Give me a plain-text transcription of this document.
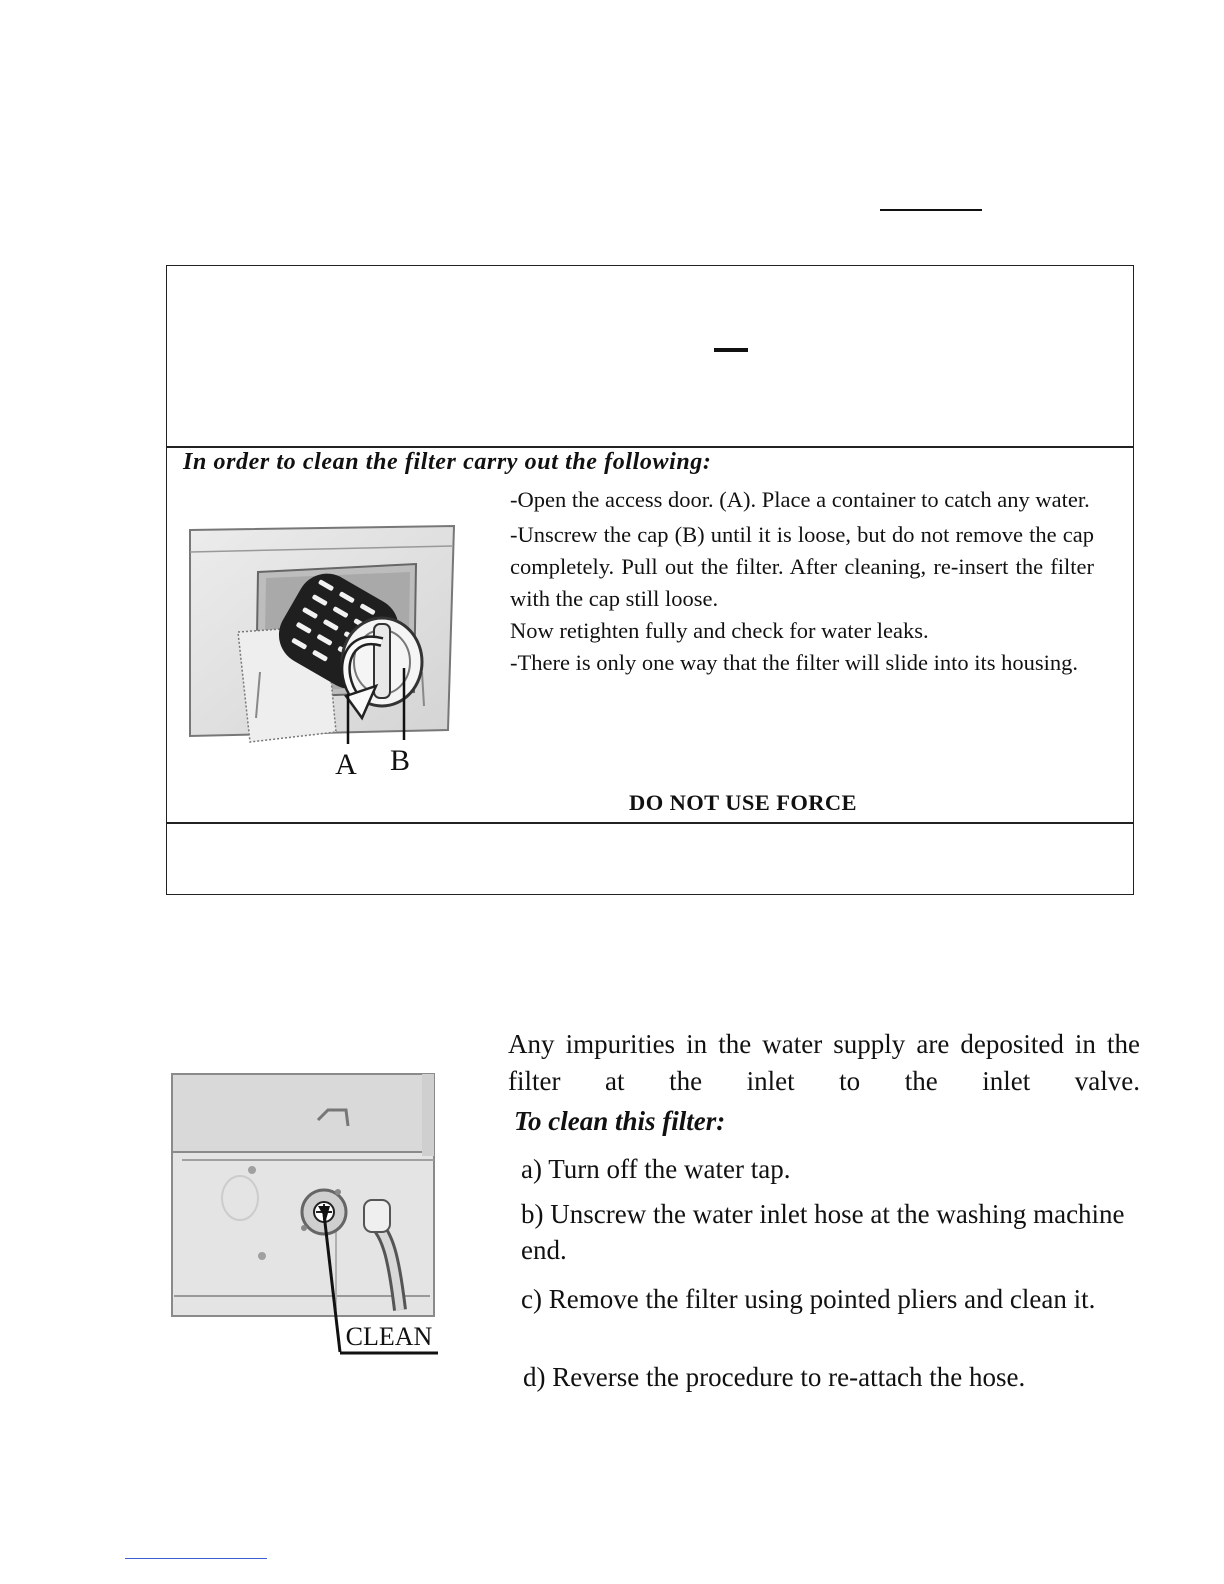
In order to clean the filter carry out the following:
A B

-Open the access door. (A). Place a container to catch any water.

-Unscrew the cap (B) until it is loose, but do not remove the cap completely. Pull out the filter. After cleaning, re-insert the filter with the cap still loose.

Now retighten fully and check for water leaks.

-There is only one way that the filter will slide into its housing.

DO NOT USE FORCE
CLEAN
Any impurities in the water supply are deposited in the filter at the inlet to the inlet valve.
To clean this filter:
a) Turn off the water tap.
b) Unscrew the water inlet hose at the washing machine end.
c) Remove the filter using pointed pliers and clean it.
d) Reverse the procedure to re-attach the hose.
